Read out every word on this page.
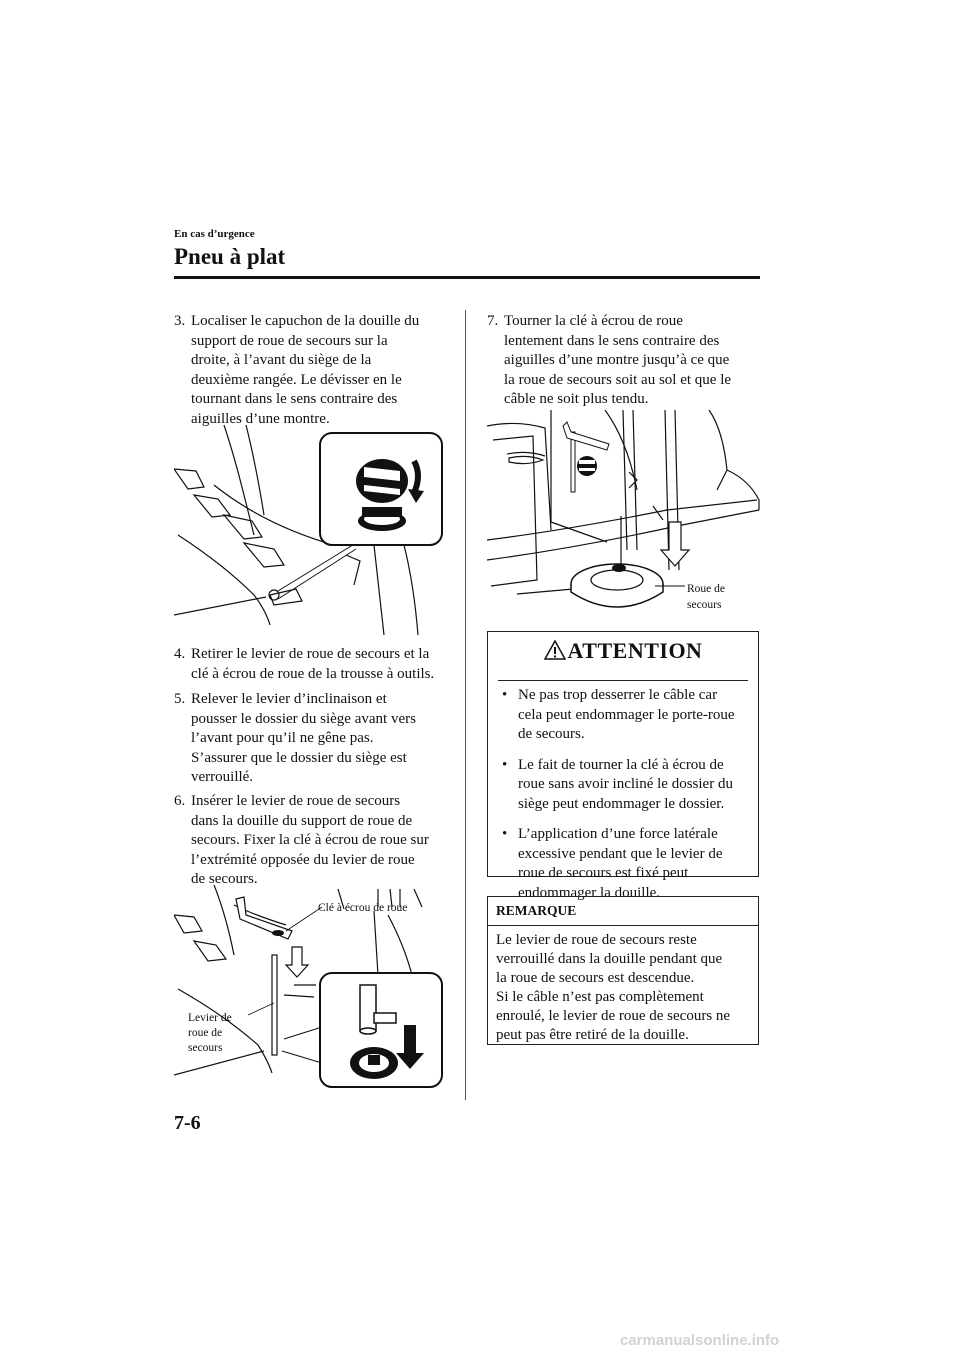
En cas d’urgence
Pneu à plat
3. Localiser le capuchon de la douille du
support de roue de secours sur la
droite, à l’avant du siège de la
deuxième rangée. Le dévisser en le
tournant dans le sens contraire des
aiguilles d’une montre.
4. Retirer le levier de roue de secours et la
clé à écrou de roue de la trousse à outils.
5. Relever le levier d’inclinaison et
pousser le dossier du siège avant vers
l’avant pour qu’il ne gêne pas.
S’assurer que le dossier du siège est
verrouillé.
6. Insérer le levier de roue de secours
dans la douille du support de roue de
secours. Fixer la clé à écrou de roue sur
l’extrémité opposée du levier de roue
de secours.
Clé à écrou de roue
Levier de
roue de
secours
7. Tourner la clé à écrou de roue
lentement dans le sens contraire des
aiguilles d’une montre jusqu’à ce que
la roue de secours soit au sol et que le
câble ne soit plus tendu.
Roue de
secours
ATTENTION
• Ne pas trop desserrer le câble car
cela peut endommager le porte-roue
de secours.
• Le fait de tourner la clé à écrou de
roue sans avoir incliné le dossier du
siège peut endommager le dossier.
• L’application d’une force latérale
excessive pendant que le levier de
roue de secours est fixé peut
endommager la douille.
REMARQUE
Le levier de roue de secours reste
verrouillé dans la douille pendant que
la roue de secours est descendue.
Si le câble n’est pas complètement
enroulé, le levier de roue de secours ne
peut pas être retiré de la douille.
7-6
carmanualsonline.info
